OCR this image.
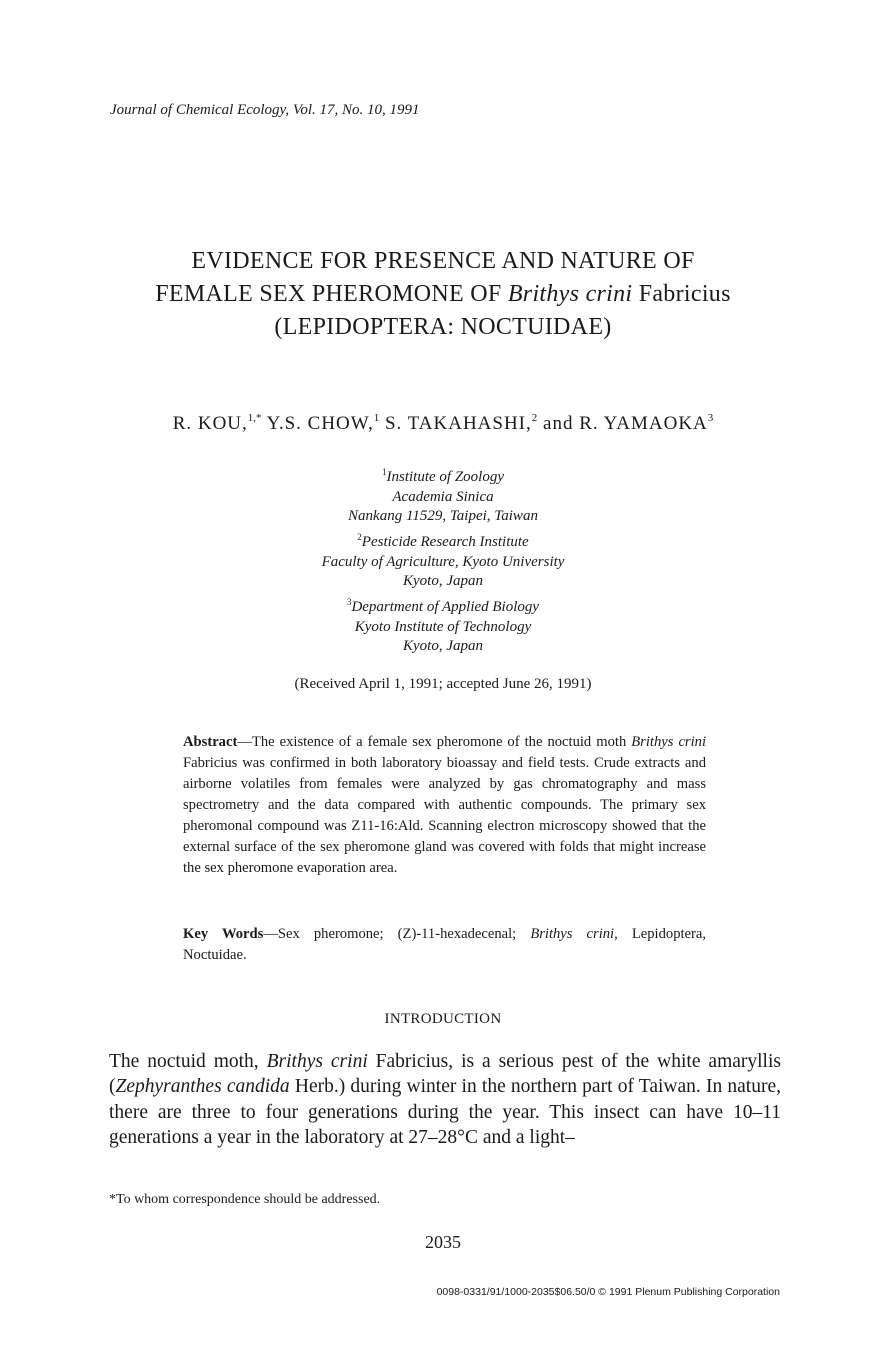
Journal of Chemical Ecology, Vol. 17, No. 10, 1991
EVIDENCE FOR PRESENCE AND NATURE OF
FEMALE SEX PHEROMONE OF Brithys crini Fabricius
(LEPIDOPTERA: NOCTUIDAE)
R. KOU,$^{1,*}$ Y.S. CHOW,$^1$ S. TAKAHASHI,$^2$ and R. YAMAOKA$^3$
$^1$Institute of Zoology
Academia Sinica
Nankang 11529, Taipei, Taiwan
$^2$Pesticide Research Institute
Faculty of Agriculture, Kyoto University
Kyoto, Japan
$^3$Department of Applied Biology
Kyoto Institute of Technology
Kyoto, Japan
(Received April 1, 1991; accepted June 26, 1991)
Abstract—The existence of a female sex pheromone of the noctuid moth Brithys crini Fabricius was confirmed in both laboratory bioassay and field tests. Crude extracts and airborne volatiles from females were analyzed by gas chromatography and mass spectrometry and the data compared with authentic compounds. The primary sex pheromonal compound was Z11-16:Ald. Scanning electron microscopy showed that the external surface of the sex pheromone gland was covered with folds that might increase the sex pheromone evaporation area.
Key Words—Sex pheromone; (Z)-11-hexadecenal; Brithys crini, Lepidoptera, Noctuidae.
INTRODUCTION
The noctuid moth, Brithys crini Fabricius, is a serious pest of the white amaryllis (Zephyranthes candida Herb.) during winter in the northern part of Taiwan. In nature, there are three to four generations during the year. This insect can have 10–11 generations a year in the laboratory at 27–28°C and a light–
*To whom correspondence should be addressed.
2035
0098-0331/91/1000-2035$06.50/0 © 1991 Plenum Publishing Corporation
